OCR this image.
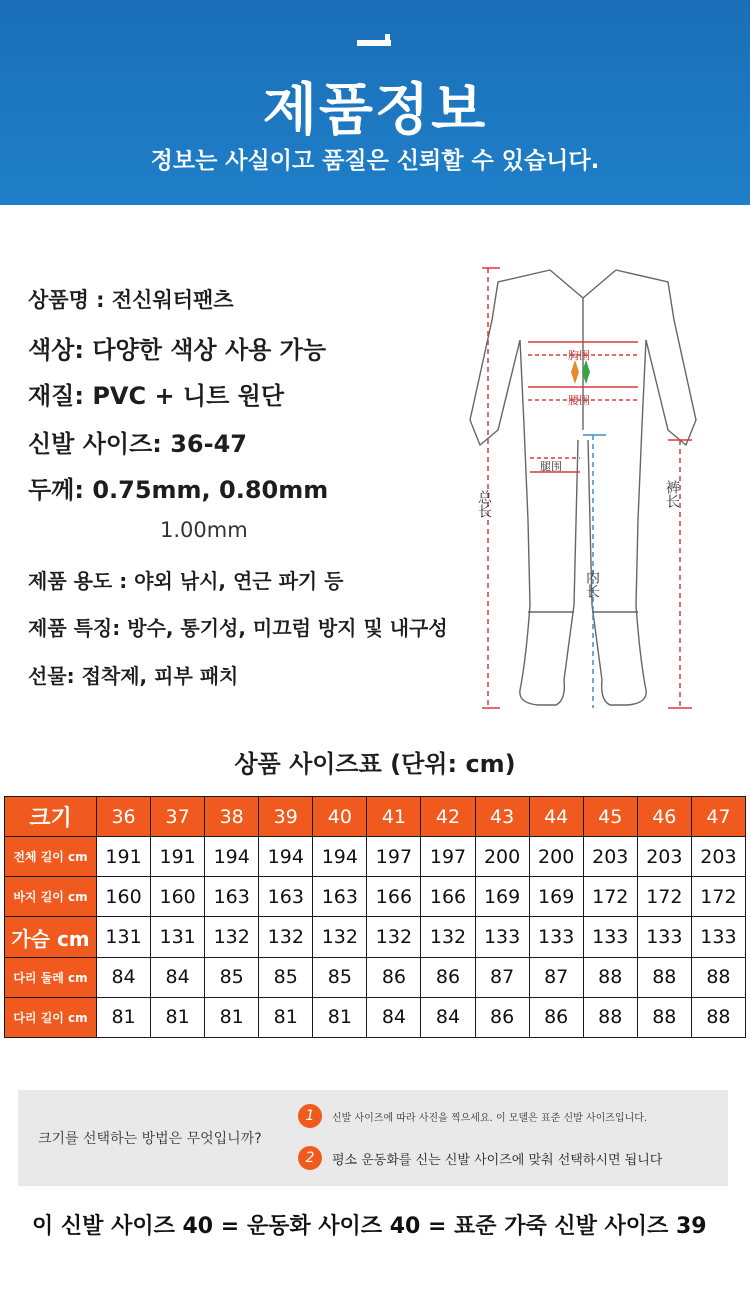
제품정보
정보는 사실이고 품질은 신뢰할 수 있습니다.
상품명 : 전신워터팬츠
색상: 다양한 색상 사용 가능
재질: PVC + 니트 원단
신발 사이즈: 36-47
두께: 0.75mm, 0.80mm
1.00mm
제품 용도 : 야외 낚시, 연근 파기 등
제품 특징: 방수, 통기성, 미끄럼 방지 및 내구성
선물: 접착제, 피부 패치
胸围
腰围
腿围
总长
内长
裤长
상품 사이즈표 (단위: cm)
크기	36	37	38	39	40	41	42	43	44	45	46	47
전체 길이 cm	191	191	194	194	194	197	197	200	200	203	203	203
바지 길이 cm	160	160	163	163	163	166	166	169	169	172	172	172
가슴 cm	131	131	132	132	132	132	132	133	133	133	133	133
다리 둘레 cm	84	84	85	85	85	86	86	87	87	88	88	88
다리 길이 cm	81	81	81	81	81	84	84	86	86	88	88	88
크기를 선택하는 방법은 무엇입니까?
1	신발 사이즈에 따라 사진을 찍으세요. 이 모델은 표준 신발 사이즈입니다.
2	평소 운동화를 신는 신발 사이즈에 맞춰 선택하시면 됩니다
이 신발 사이즈 40 = 운동화 사이즈 40 = 표준 가죽 신발 사이즈 39
